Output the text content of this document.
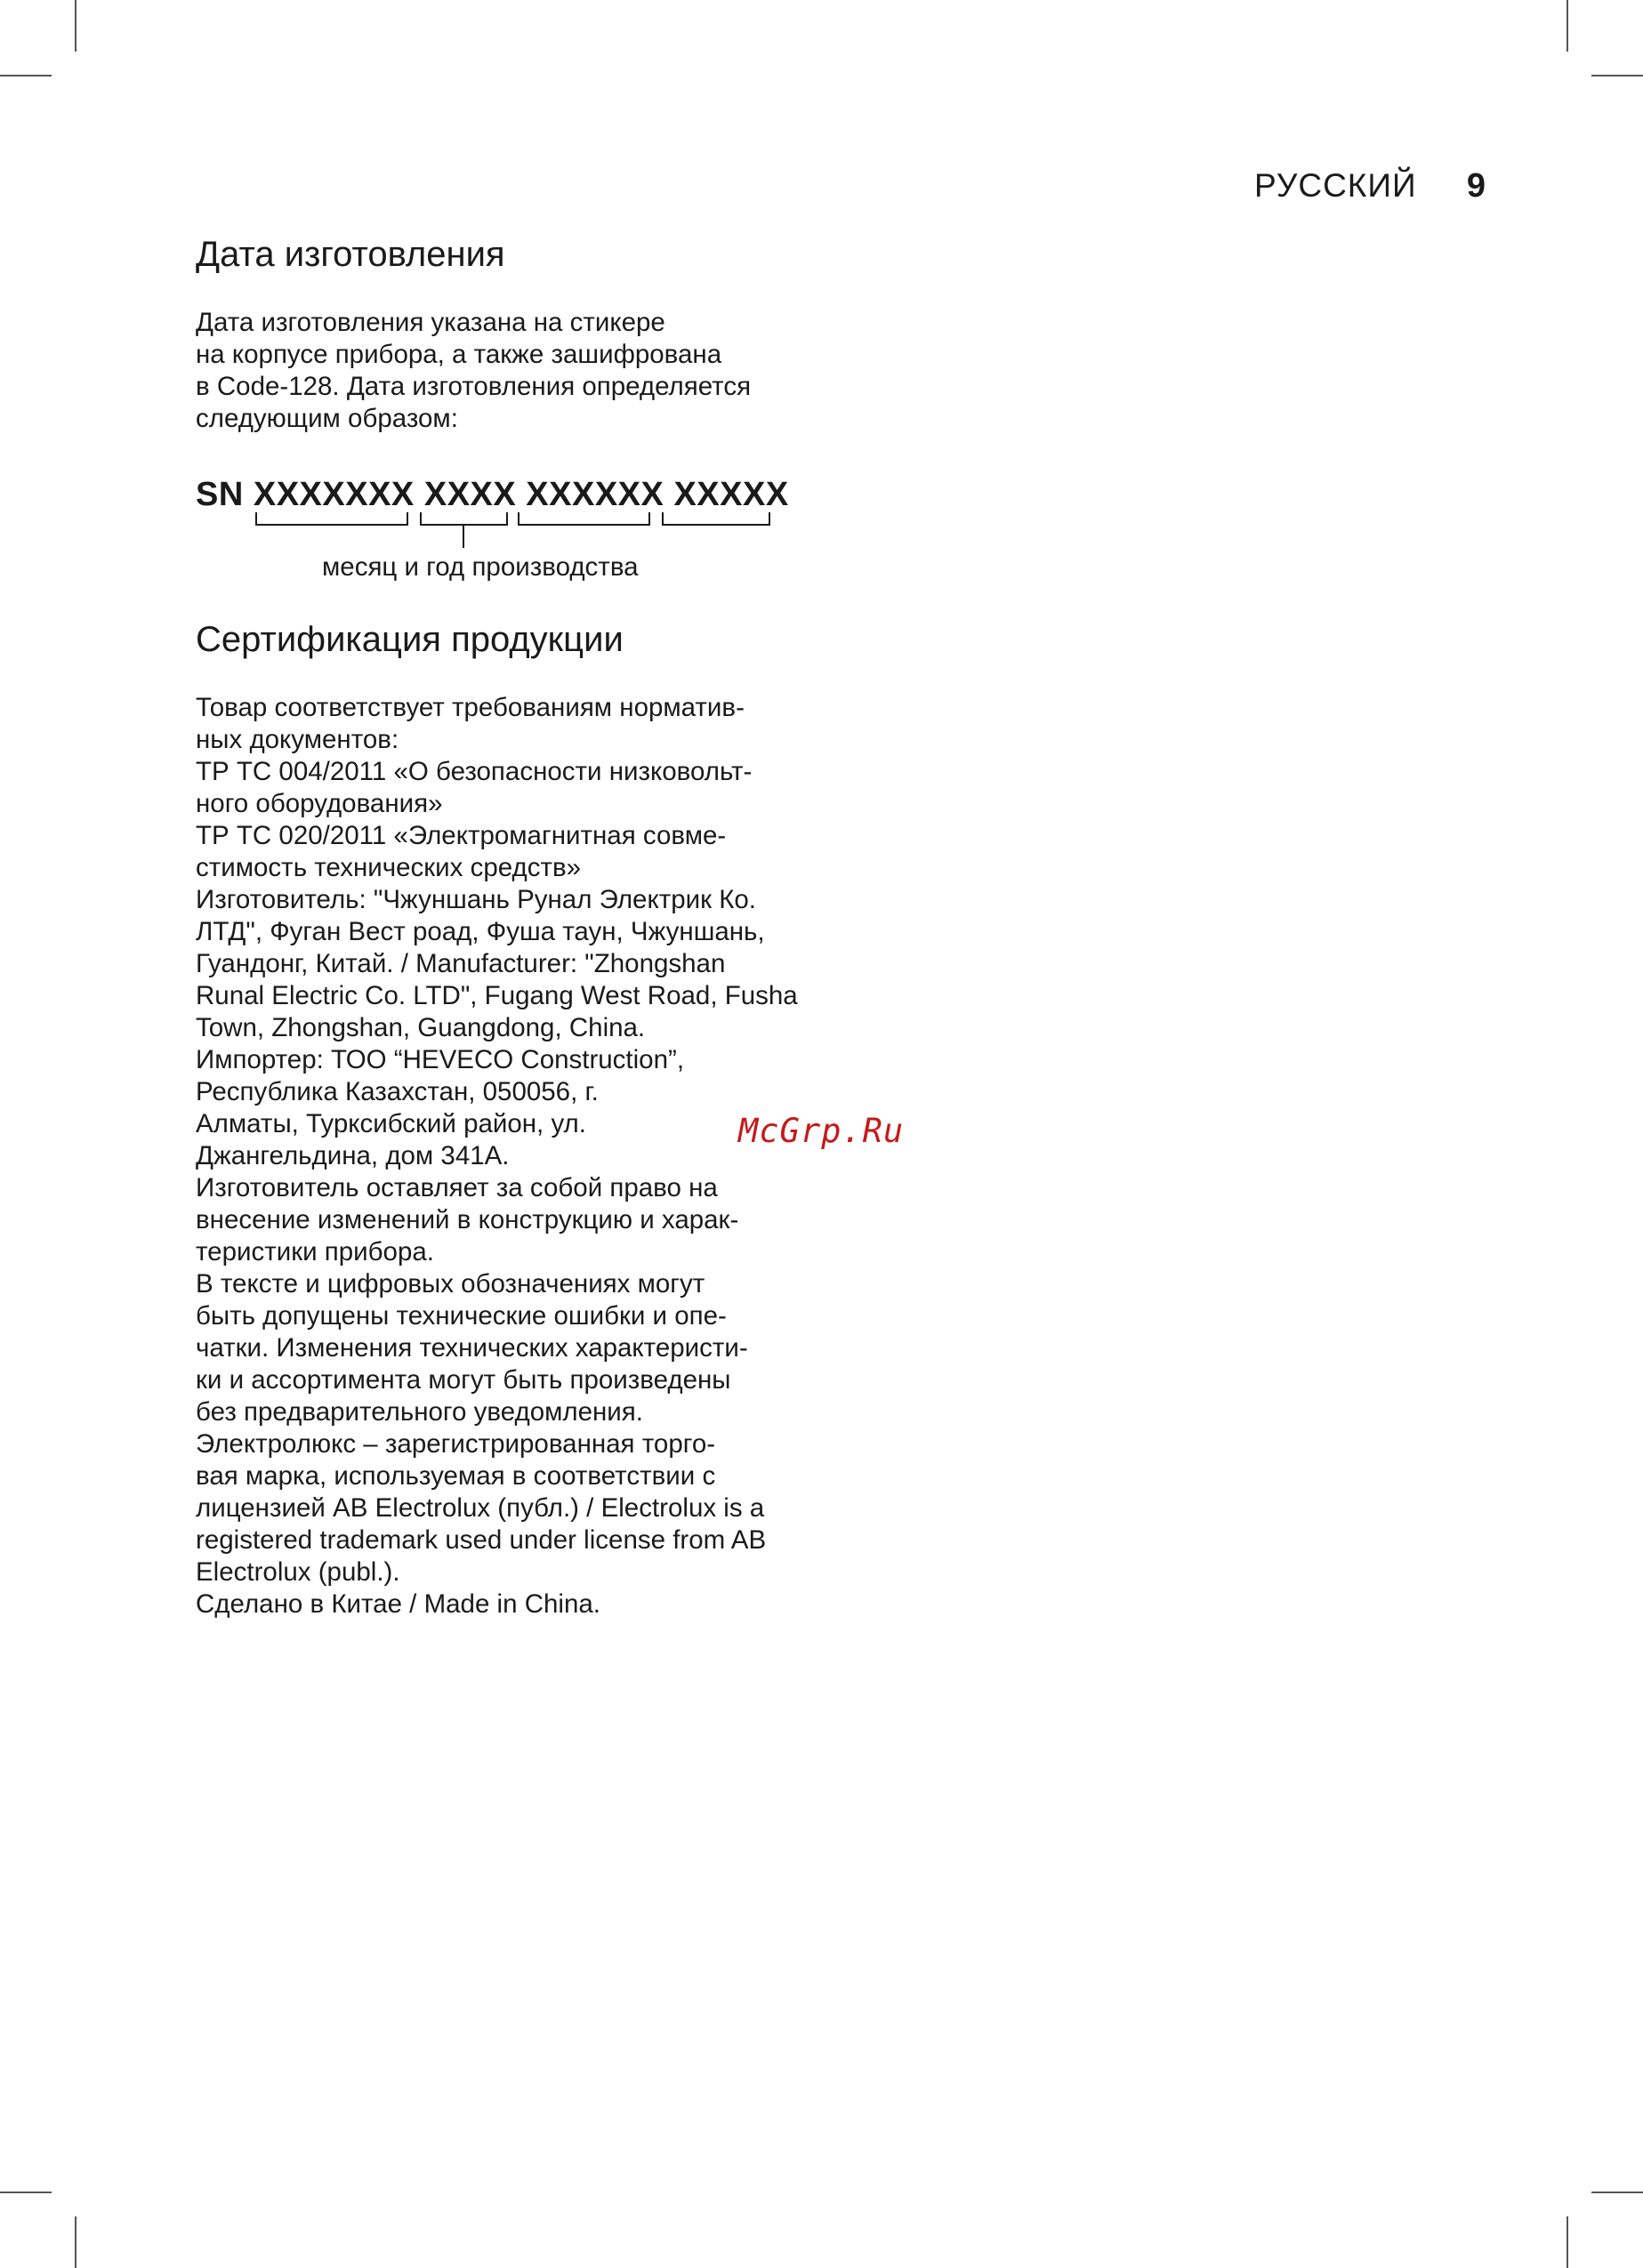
РУССКИЙ 9
Дата изготовления

Дата изготовления указана на стикере
на корпусе прибора, а также зашифрована
в Code-128. Дата изготовления определяется
следующим образом:

SN XXXXXXX XXXX XXXXXX XXXXX
месяц и год производства
Сертификация продукции

Товар соответствует требованиям норматив-
ных документов:
ТР ТС 004/2011 «О безопасности низковольт-
ного оборудования»
ТР ТС 020/2011 «Электромагнитная совме-
стимость технических средств»
Изготовитель: "Чжуншань Рунал Электрик Ко.
ЛТД", Фуган Вест роад, Фуша таун, Чжуншань,
Гуандонг, Китай. / Manufacturer: "Zhongshan
Runal Electric Co. LTD", Fugang West Road, Fusha
Town, Zhongshan, Guangdong, China.
Импортер: ТОО “HEVECO Construction”,
Республика Казахстан, 050056, г.
Алматы, Турксибский район, ул.
Джангельдина, дом 341А.
Изготовитель оставляет за собой право на
внесение изменений в конструкцию и харак-
теристики прибора.
В тексте и цифровых обозначениях могут
быть допущены технические ошибки и опе-
чатки. Изменения технических характеристи-
ки и ассортимента могут быть произведены
без предварительного уведомления.
Электролюкс – зарегистрированная торго-
вая марка, используемая в соответствии с
лицензией AB Electrolux (публ.) / Electrolux is a
registered trademark used under license from AB
Electrolux (publ.).
Сделано в Китае / Made in China.

McGrp.Ru
